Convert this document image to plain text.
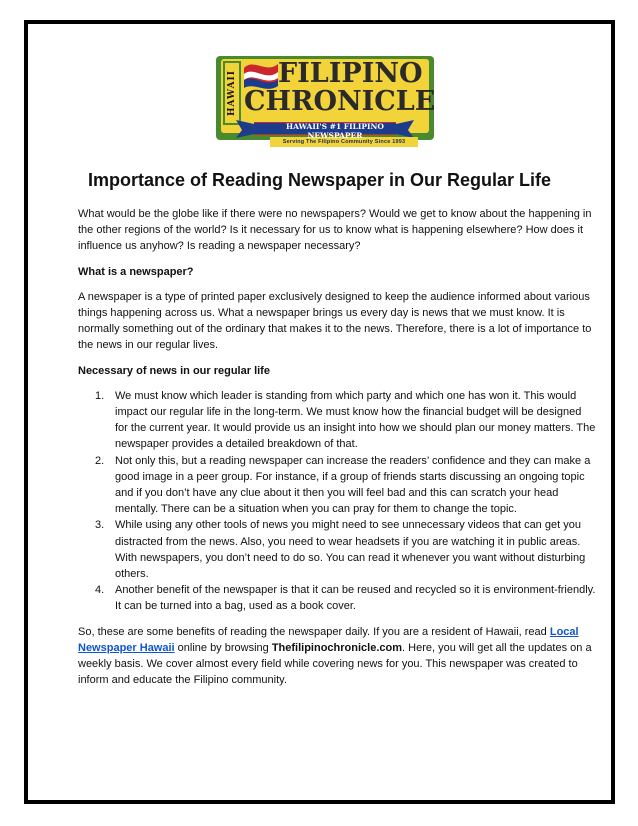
HAWAII FILIPINO
CHRONICLE
HAWAII'S #1 FILIPINO NEWSPAPER
Serving The Filipino Community Since 1993
Importance of Reading Newspaper in Our Regular Life

What would be the globe like if there were no newspapers? Would we get to know about the happening in the other regions of the world? Is it necessary for us to know what is happening elsewhere? How does it influence us anyhow? Is reading a newspaper necessary?

What is a newspaper?

A newspaper is a type of printed paper exclusively designed to keep the audience informed about various things happening across us. What a newspaper brings us every day is news that we must know. It is normally something out of the ordinary that makes it to the news. Therefore, there is a lot of importance to the news in our regular lives.

Necessary of news in our regular life

1. We must know which leader is standing from which party and which one has won it. This would impact our regular life in the long-term. We must know how the financial budget will be designed for the current year. It would provide us an insight into how we should plan our money matters. The newspaper provides a detailed breakdown of that.
2. Not only this, but a reading newspaper can increase the readers’ confidence and they can make a good image in a peer group. For instance, if a group of friends starts discussing an ongoing topic and if you don’t have any clue about it then you will feel bad and this can scratch your head mentally. There can be a situation when you can pray for them to change the topic.
3. While using any other tools of news you might need to see unnecessary videos that can get you distracted from the news. Also, you need to wear headsets if you are watching it in public areas. With newspapers, you don’t need to do so. You can read it whenever you want without disturbing others.
4. Another benefit of the newspaper is that it can be reused and recycled so it is environment-friendly. It can be turned into a bag, used as a book cover.

So, these are some benefits of reading the newspaper daily. If you are a resident of Hawaii, read Local Newspaper Hawaii online by browsing Thefilipinochronicle.com. Here, you will get all the updates on a weekly basis. We cover almost every field while covering news for you. This newspaper was created to inform and educate the Filipino community.
